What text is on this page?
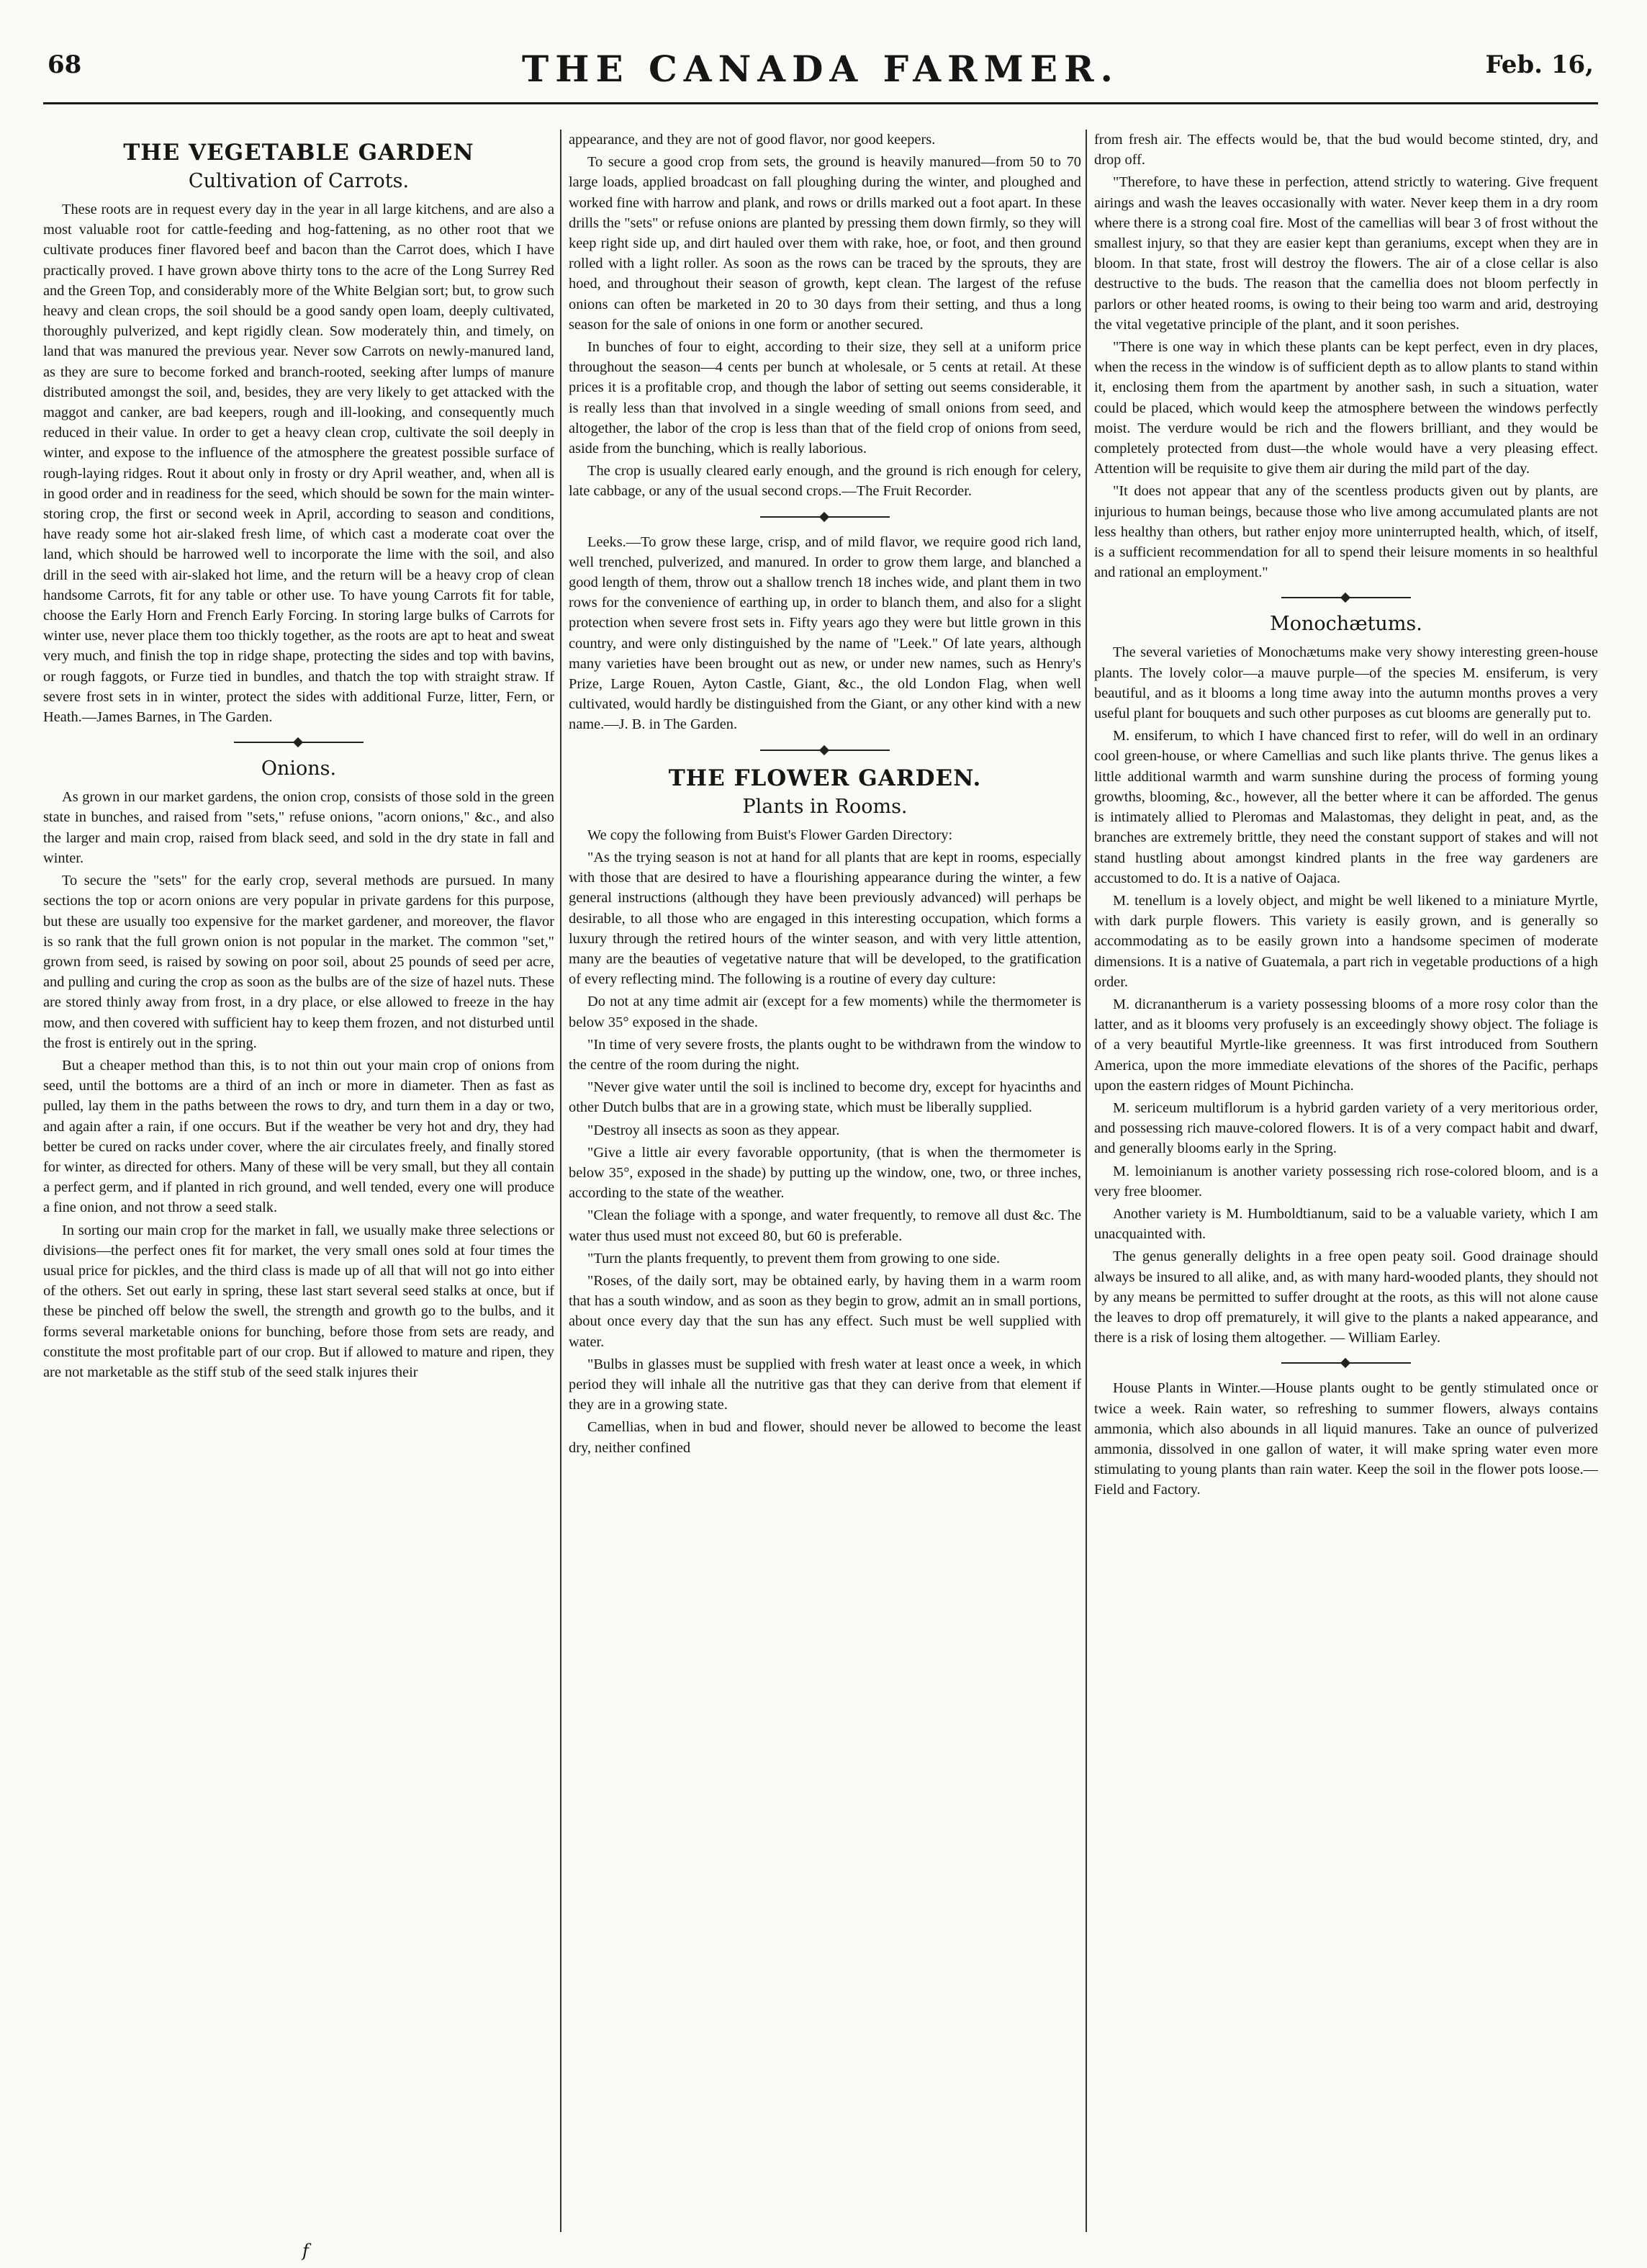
68	THE CANADA FARMER.	Feb. 16,
THE VEGETABLE GARDEN
Cultivation of Carrots.
These roots are in request every day in the year in all large kitchens, and are also a most valuable root for cattle-feeding and hog-fattening, as no other root that we cultivate produces finer flavored beef and bacon than the Carrot does, which I have practically proved. I have grown above thirty tons to the acre of the Long Surrey Red and the Green Top, and considerably more of the White Belgian sort; but, to grow such heavy and clean crops, the soil should be a good sandy open loam, deeply cultivated, thoroughly pulverized, and kept rigidly clean. Sow moderately thin, and timely, on land that was manured the previous year. Never sow Carrots on newly-manured land, as they are sure to become forked and branch-rooted, seeking after lumps of manure distributed amongst the soil, and, besides, they are very likely to get attacked with the maggot and canker, are bad keepers, rough and ill-looking, and consequently much reduced in their value. In order to get a heavy clean crop, cultivate the soil deeply in winter, and expose to the influence of the atmosphere the greatest possible surface of rough-laying ridges. Rout it about only in frosty or dry April weather, and, when all is in good order and in readiness for the seed, which should be sown for the main winter-storing crop, the first or second week in April, according to season and conditions, have ready some hot air-slaked fresh lime, of which cast a moderate coat over the land, which should be harrowed well to incorporate the lime with the soil, and also drill in the seed with air-slaked hot lime, and the return will be a heavy crop of clean handsome Carrots, fit for any table or other use. To have young Carrots fit for table, choose the Early Horn and French Early Forcing. In storing large bulks of Carrots for winter use, never place them too thickly together, as the roots are apt to heat and sweat very much, and finish the top in ridge shape, protecting the sides and top with bavins, or rough faggots, or Furze tied in bundles, and thatch the top with straight straw. If severe frost sets in in winter, protect the sides with additional Furze, litter, Fern, or Heath.—James Barnes, in The Garden.
Onions.
As grown in our market gardens, the onion crop, consists of those sold in the green state in bunches, and raised from "sets," refuse onions, "acorn onions," &c., and also the larger and main crop, raised from black seed, and sold in the dry state in fall and winter.
To secure the "sets" for the early crop, several methods are pursued. In many sections the top or acorn onions are very popular in private gardens for this purpose, but these are usually too expensive for the market gardener, and moreover, the flavor is so rank that the full grown onion is not popular in the market. The common "set," grown from seed, is raised by sowing on poor soil, about 25 pounds of seed per acre, and pulling and curing the crop as soon as the bulbs are of the size of hazel nuts. These are stored thinly away from frost, in a dry place, or else allowed to freeze in the hay mow, and then covered with sufficient hay to keep them frozen, and not disturbed until the frost is entirely out in the spring.
But a cheaper method than this, is to not thin out your main crop of onions from seed, until the bottoms are a third of an inch or more in diameter. Then as fast as pulled, lay them in the paths between the rows to dry, and turn them in a day or two, and again after a rain, if one occurs. But if the weather be very hot and dry, they had better be cured on racks under cover, where the air circulates freely, and finally stored for winter, as directed for others. Many of these will be very small, but they all contain a perfect germ, and if planted in rich ground, and well tended, every one will produce a fine onion, and not throw a seed stalk.
In sorting our main crop for the market in fall, we usually make three selections or divisions—the perfect ones fit for market, the very small ones sold at four times the usual price for pickles, and the third class is made up of all that will not go into either of the others. Set out early in spring, these last start several seed stalks at once, but if these be pinched off below the swell, the strength and growth go to the bulbs, and it forms several marketable onions for bunching, before those from sets are ready, and constitute the most profitable part of our crop. But if allowed to mature and ripen, they are not marketable as the stiff stub of the seed stalk injures their
appearance, and they are not of good flavor, nor good keepers.
To secure a good crop from sets, the ground is heavily manured—from 50 to 70 large loads, applied broadcast on fall ploughing during the winter, and ploughed and worked fine with harrow and plank, and rows or drills marked out a foot apart. In these drills the "sets" or refuse onions are planted by pressing them down firmly, so they will keep right side up, and dirt hauled over them with rake, hoe, or foot, and then ground rolled with a light roller. As soon as the rows can be traced by the sprouts, they are hoed, and throughout their season of growth, kept clean. The largest of the refuse onions can often be marketed in 20 to 30 days from their setting, and thus a long season for the sale of onions in one form or another secured.
In bunches of four to eight, according to their size, they sell at a uniform price throughout the season—4 cents per bunch at wholesale, or 5 cents at retail. At these prices it is a profitable crop, and though the labor of setting out seems considerable, it is really less than that involved in a single weeding of small onions from seed, and altogether, the labor of the crop is less than that of the field crop of onions from seed, aside from the bunching, which is really laborious.
The crop is usually cleared early enough, and the ground is rich enough for celery, late cabbage, or any of the usual second crops.—The Fruit Recorder.
Leeks.—To grow these large, crisp, and of mild flavor, we require good rich land, well trenched, pulverized, and manured. In order to grow them large, and blanched a good length of them, throw out a shallow trench 18 inches wide, and plant them in two rows for the convenience of earthing up, in order to blanch them, and also for a slight protection when severe frost sets in. Fifty years ago they were but little grown in this country, and were only distinguished by the name of "Leek." Of late years, although many varieties have been brought out as new, or under new names, such as Henry's Prize, Large Rouen, Ayton Castle, Giant, &c., the old London Flag, when well cultivated, would hardly be distinguished from the Giant, or any other kind with a new name.—J. B. in The Garden.
THE FLOWER GARDEN.
Plants in Rooms.
We copy the following from Buist's Flower Garden Directory:
"As the trying season is not at hand for all plants that are kept in rooms, especially with those that are desired to have a flourishing appearance during the winter, a few general instructions (although they have been previously advanced) will perhaps be desirable, to all those who are engaged in this interesting occupation, which forms a luxury through the retired hours of the winter season, and with very little attention, many are the beauties of vegetative nature that will be developed, to the gratification of every reflecting mind. The following is a routine of every day culture:
Do not at any time admit air (except for a few moments) while the thermometer is below 35° exposed in the shade.
"In time of very severe frosts, the plants ought to be withdrawn from the window to the centre of the room during the night.
"Never give water until the soil is inclined to become dry, except for hyacinths and other Dutch bulbs that are in a growing state, which must be liberally supplied.
"Destroy all insects as soon as they appear.
"Give a little air every favorable opportunity, (that is when the thermometer is below 35°, exposed in the shade) by putting up the window, one, two, or three inches, according to the state of the weather.
"Clean the foliage with a sponge, and water frequently, to remove all dust &c. The water thus used must not exceed 80, but 60 is preferable.
"Turn the plants frequently, to prevent them from growing to one side.
"Roses, of the daily sort, may be obtained early, by having them in a warm room that has a south window, and as soon as they begin to grow, admit an in small portions, about once every day that the sun has any effect. Such must be well supplied with water.
"Bulbs in glasses must be supplied with fresh water at least once a week, in which period they will inhale all the nutritive gas that they can derive from that element if they are in a growing state.
Camellias, when in bud and flower, should never be allowed to become the least dry, neither confined
from fresh air. The effects would be, that the bud would become stinted, dry, and drop off.
"Therefore, to have these in perfection, attend strictly to watering. Give frequent airings and wash the leaves occasionally with water. Never keep them in a dry room where there is a strong coal fire. Most of the camellias will bear 3 of frost without the smallest injury, so that they are easier kept than geraniums, except when they are in bloom. In that state, frost will destroy the flowers. The air of a close cellar is also destructive to the buds. The reason that the camellia does not bloom perfectly in parlors or other heated rooms, is owing to their being too warm and arid, destroying the vital vegetative principle of the plant, and it soon perishes.
"There is one way in which these plants can be kept perfect, even in dry places, when the recess in the window is of sufficient depth as to allow plants to stand within it, enclosing them from the apartment by another sash, in such a situation, water could be placed, which would keep the atmosphere between the windows perfectly moist. The verdure would be rich and the flowers brilliant, and they would be completely protected from dust—the whole would have a very pleasing effect. Attention will be requisite to give them air during the mild part of the day.
"It does not appear that any of the scentless products given out by plants, are injurious to human beings, because those who live among accumulated plants are not less healthy than others, but rather enjoy more uninterrupted health, which, of itself, is a sufficient recommendation for all to spend their leisure moments in so healthful and rational an employment."
Monochætums.
The several varieties of Monochætums make very showy interesting green-house plants. The lovely color—a mauve purple—of the species M. ensiferum, is very beautiful, and as it blooms a long time away into the autumn months proves a very useful plant for bouquets and such other purposes as cut blooms are generally put to.
M. ensiferum, to which I have chanced first to refer, will do well in an ordinary cool green-house, or where Camellias and such like plants thrive. The genus likes a little additional warmth and warm sunshine during the process of forming young growths, blooming, &c., however, all the better where it can be afforded. The genus is intimately allied to Pleromas and Malastomas, they delight in peat, and, as the branches are extremely brittle, they need the constant support of stakes and will not stand hustling about amongst kindred plants in the free way gardeners are accustomed to do. It is a native of Oajaca.
M. tenellum is a lovely object, and might be well likened to a miniature Myrtle, with dark purple flowers. This variety is easily grown, and is generally so accommodating as to be easily grown into a handsome specimen of moderate dimensions. It is a native of Guatemala, a part rich in vegetable productions of a high order.
M. dicranantherum is a variety possessing blooms of a more rosy color than the latter, and as it blooms very profusely is an exceedingly showy object. The foliage is of a very beautiful Myrtle-like greenness. It was first introduced from Southern America, upon the more immediate elevations of the shores of the Pacific, perhaps upon the eastern ridges of Mount Pichincha.
M. sericeum multiflorum is a hybrid garden variety of a very meritorious order, and possessing rich mauve-colored flowers. It is of a very compact habit and dwarf, and generally blooms early in the Spring.
M. lemoinianum is another variety possessing rich rose-colored bloom, and is a very free bloomer.
Another variety is M. Humboldtianum, said to be a valuable variety, which I am unacquainted with.
The genus generally delights in a free open peaty soil. Good drainage should always be insured to all alike, and, as with many hard-wooded plants, they should not by any means be permitted to suffer drought at the roots, as this will not alone cause the leaves to drop off prematurely, it will give to the plants a naked appearance, and there is a risk of losing them altogether. — William Earley.
House Plants in Winter.—House plants ought to be gently stimulated once or twice a week. Rain water, so refreshing to summer flowers, always contains ammonia, which also abounds in all liquid manures. Take an ounce of pulverized ammonia, dissolved in one gallon of water, it will make spring water even more stimulating to young plants than rain water. Keep the soil in the flower pots loose.—Field and Factory.
f
